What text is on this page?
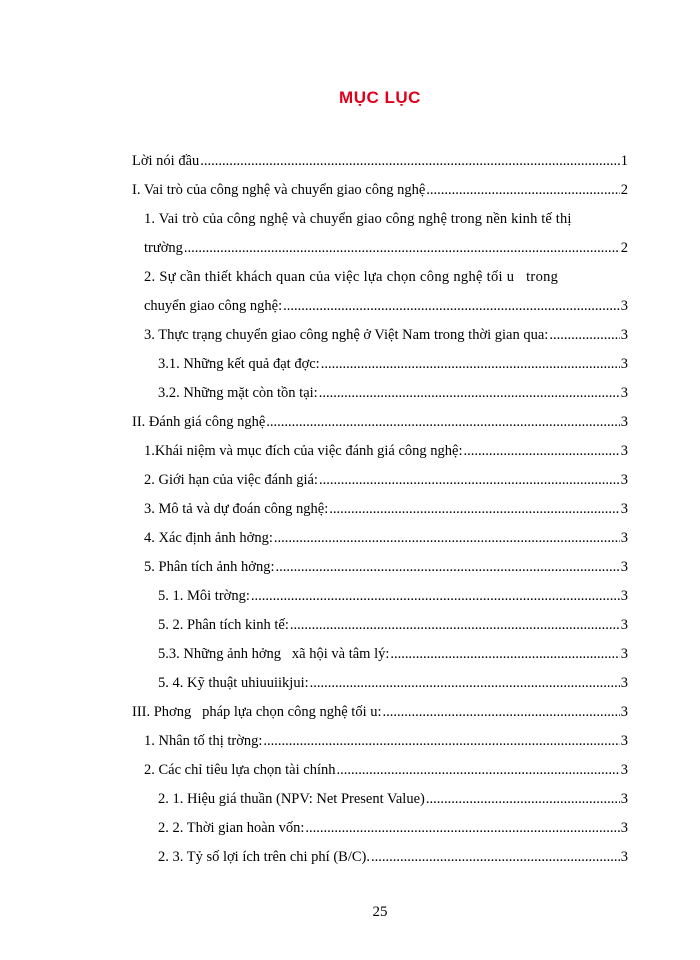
MỤC LỤC
Lời nói đầu .....	1
I. Vai trò của công nghệ và chuyển giao công nghệ .....	2
1. Vai trò của công nghệ và chuyển giao công nghệ trong nền kinh tế thị
trường .....	2
2. Sự cần thiết khách quan của việc lựa chọn công nghệ tối u   trong
chuyển giao công nghệ: .....	3
3. Thực trạng chuyển giao công nghệ ở Việt Nam trong thời gian qua: .....	3
3.1. Những kết quả đạt đợc: .....	3
3.2. Những mặt còn tồn tại: .....	3
II. Đánh giá công nghệ .....	3
1.Khái niệm và mục đích của việc đánh giá công nghệ: .....	3
2. Giới hạn của việc đánh giá: .....	3
3. Mô tả và dự đoán công nghệ: .....	3
4. Xác định ảnh hởng: .....	3
5. Phân tích ảnh hởng: .....	3
5. 1. Môi trờng: .....	3
5. 2. Phân tích kinh tế: .....	3
5.3. Những ảnh hởng   xã hội và tâm lý: .....	3
5. 4. Kỹ thuật uhiuuiikjui: .....	3
III. Phơng   pháp lựa chọn công nghệ tối u: .....	3
1. Nhân tố thị trờng: .....	3
2. Các chỉ tiêu lựa chọn tài chính .....	3
2. 1. Hiệu giá thuần (NPV: Net Present Value) .....	3
2. 2. Thời gian hoàn vốn: .....	3
2. 3. Tỷ số lợi ích trên chi phí (B/C). .....	3
25
